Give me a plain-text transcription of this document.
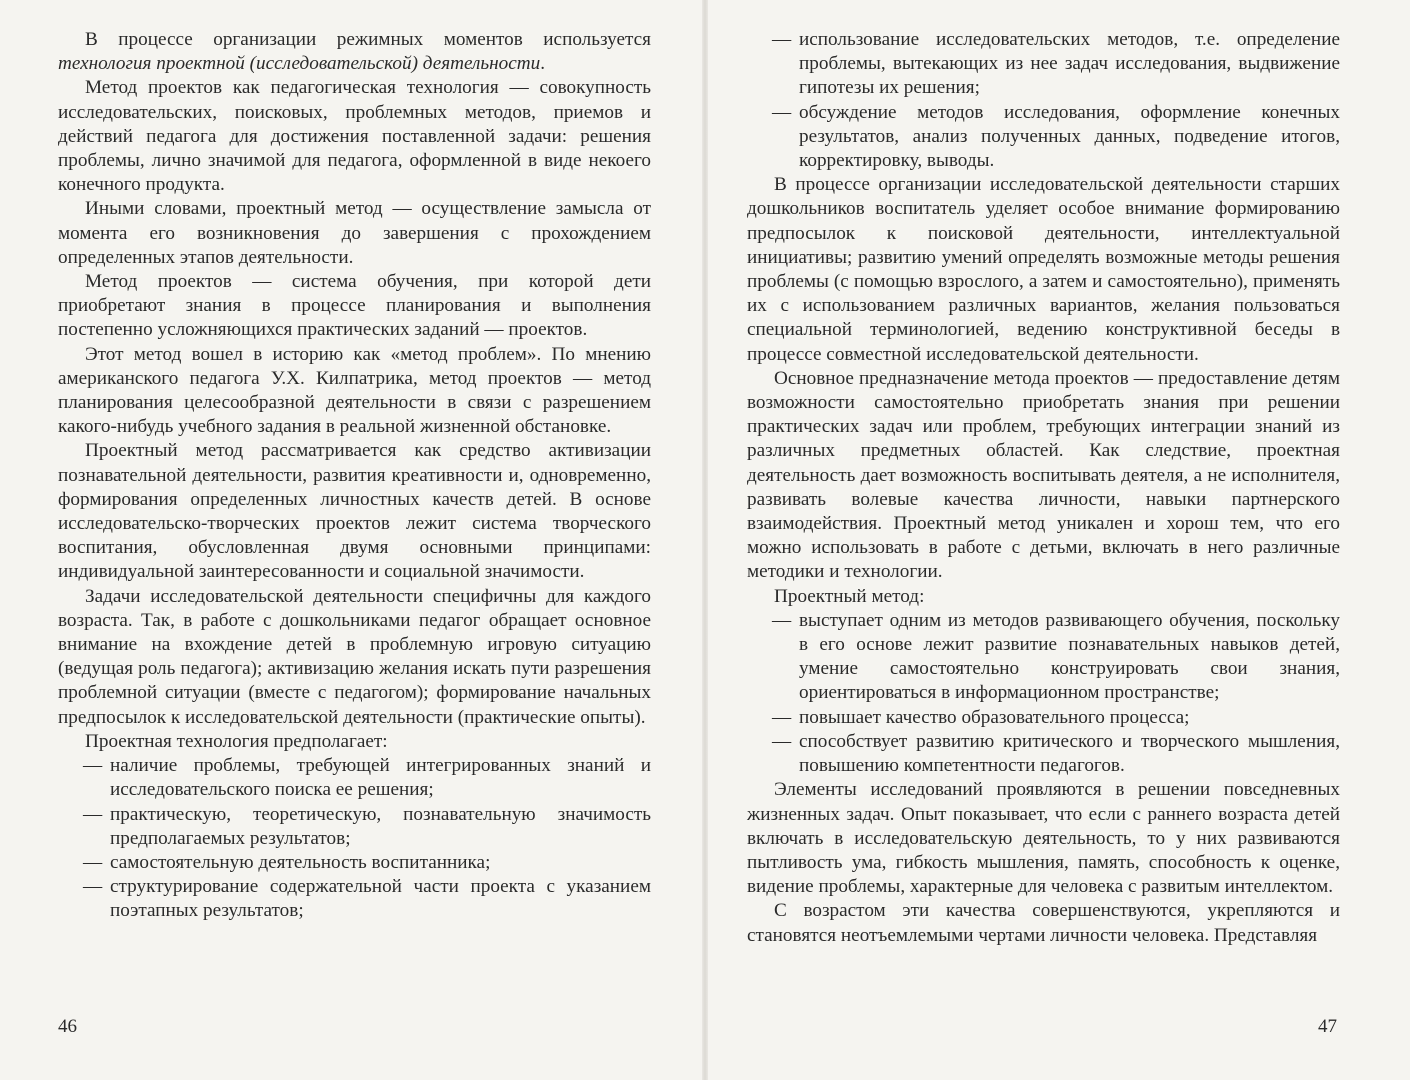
В процессе организации режимных моментов используется технология проектной (исследовательской) деятельности.

Метод проектов как педагогическая технология — совокупность исследовательских, поисковых, проблемных методов, приемов и действий педагога для достижения поставленной задачи: решения проблемы, лично значимой для педагога, оформленной в виде некоего конечного продукта.

Иными словами, проектный метод — осуществление замысла от момента его возникновения до завершения с прохождением определенных этапов деятельности.

Метод проектов — система обучения, при которой дети приобретают знания в процессе планирования и выполнения постепенно усложняющихся практических заданий — проектов.

Этот метод вошел в историю как «метод проблем». По мнению американского педагога У.Х. Килпатрика, метод проектов — метод планирования целесообразной деятельности в связи с разрешением какого-нибудь учебного задания в реальной жизненной обстановке.

Проектный метод рассматривается как средство активизации познавательной деятельности, развития креативности и, одновременно, формирования определенных личностных качеств детей. В основе исследовательско-творческих проектов лежит система творческого воспитания, обусловленная двумя основными принципами: индивидуальной заинтересованности и социальной значимости.

Задачи исследовательской деятельности специфичны для каждого возраста. Так, в работе с дошкольниками педагог обращает основное внимание на вхождение детей в проблемную игровую ситуацию (ведущая роль педагога); активизацию желания искать пути разрешения проблемной ситуации (вместе с педагогом); формирование начальных предпосылок к исследовательской деятельности (практические опыты).

Проектная технология предполагает:

— наличие проблемы, требующей интегрированных знаний и исследовательского поиска ее решения;
— практическую, теоретическую, познавательную значимость предполагаемых результатов;
— самостоятельную деятельность воспитанника;
— структурирование содержательной части проекта с указанием поэтапных результатов;
46
— использование исследовательских методов, т.е. определение проблемы, вытекающих из нее задач исследования, выдвижение гипотезы их решения;
— обсуждение методов исследования, оформление конечных результатов, анализ полученных данных, подведение итогов, корректировку, выводы.

В процессе организации исследовательской деятельности старших дошкольников воспитатель уделяет особое внимание формированию предпосылок к поисковой деятельности, интеллектуальной инициативы; развитию умений определять возможные методы решения проблемы (с помощью взрослого, а затем и самостоятельно), применять их с использованием различных вариантов, желания пользоваться специальной терминологией, ведению конструктивной беседы в процессе совместной исследовательской деятельности.

Основное предназначение метода проектов — предоставление детям возможности самостоятельно приобретать знания при решении практических задач или проблем, требующих интеграции знаний из различных предметных областей. Как следствие, проектная деятельность дает возможность воспитывать деятеля, а не исполнителя, развивать волевые качества личности, навыки партнерского взаимодействия. Проектный метод уникален и хорош тем, что его можно использовать в работе с детьми, включать в него различные методики и технологии.

Проектный метод:

— выступает одним из методов развивающего обучения, поскольку в его основе лежит развитие познавательных навыков детей, умение самостоятельно конструировать свои знания, ориентироваться в информационном пространстве;
— повышает качество образовательного процесса;
— способствует развитию критического и творческого мышления, повышению компетентности педагогов.

Элементы исследований проявляются в решении повседневных жизненных задач. Опыт показывает, что если с раннего возраста детей включать в исследовательскую деятельность, то у них развиваются пытливость ума, гибкость мышления, память, способность к оценке, видение проблемы, характерные для человека с развитым интеллектом.

С возрастом эти качества совершенствуются, укрепляются и становятся неотъемлемыми чертами личности человека. Представляя

47
